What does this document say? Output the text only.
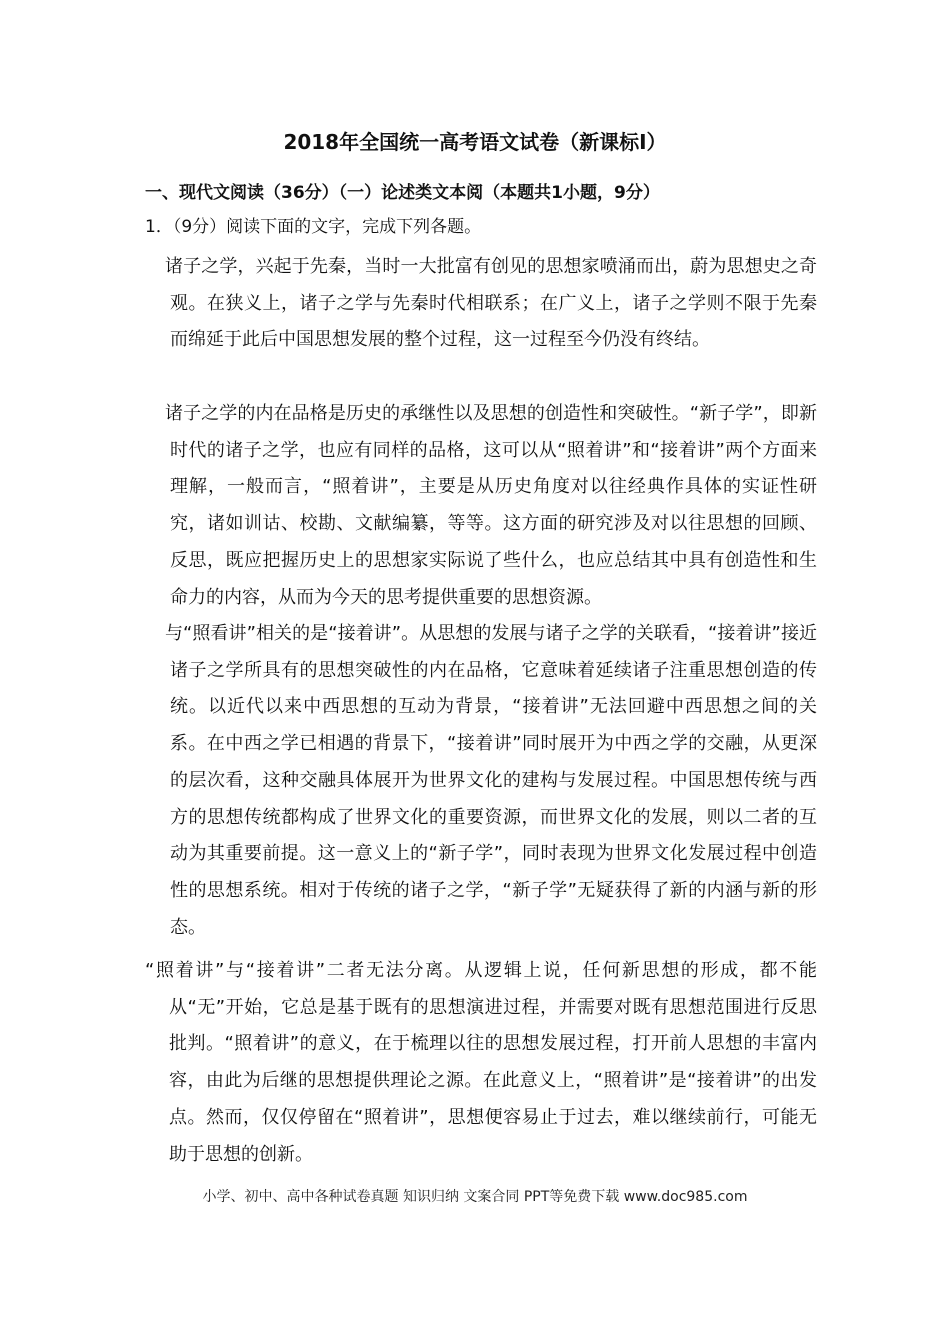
2018年全国统一高考语文试卷（新课标I）
一、现代文阅读（36分）（一）论述类文本阅（本题共1小题，9分）
1．（9分）阅读下面的文字，完成下列各题。
诸子之学，兴起于先秦，当时一大批富有创见的思想家喷涌而出，蔚为思想史之奇观。在狭义上，诸子之学与先秦时代相联系；在广义上，诸子之学则不限于先秦而绵延于此后中国思想发展的整个过程，这一过程至今仍没有终结。
诸子之学的内在品格是历史的承继性以及思想的创造性和突破性。“新子学”，即新时代的诸子之学，也应有同样的品格，这可以从“照着讲”和“接着讲”两个方面来理解，一般而言，“照着讲”，主要是从历史角度对以往经典作具体的实证性研究，诸如训诂、校勘、文献编纂，等等。这方面的研究涉及对以往思想的回顾、反思，既应把握历史上的思想家实际说了些什么，也应总结其中具有创造性和生命力的内容，从而为今天的思考提供重要的思想资源。
与“照看讲”相关的是“接着讲”。从思想的发展与诸子之学的关联看，“接着讲”接近诸子之学所具有的思想突破性的内在品格，它意味着延续诸子注重思想创造的传统。以近代以来中西思想的互动为背景，“接着讲”无法回避中西思想之间的关系。在中西之学已相遇的背景下，“接着讲”同时展开为中西之学的交融，从更深的层次看，这种交融具体展开为世界文化的建构与发展过程。中国思想传统与西方的思想传统都构成了世界文化的重要资源，而世界文化的发展，则以二者的互动为其重要前提。这一意义上的“新子学”，同时表现为世界文化发展过程中创造性的思想系统。相对于传统的诸子之学，“新子学”无疑获得了新的内涵与新的形态。
“照着讲”与“接着讲”二者无法分离。从逻辑上说，任何新思想的形成，都不能从“无”开始，它总是基于既有的思想演进过程，并需要对既有思想范围进行反思批判。“照着讲”的意义，在于梳理以往的思想发展过程，打开前人思想的丰富内容，由此为后继的思想提供理论之源。在此意义上，“照着讲”是“接着讲”的出发点。然而，仅仅停留在“照着讲”，思想便容易止于过去，难以继续前行，可能无助于思想的创新。
小学、初中、高中各种试卷真题 知识归纳 文案合同 PPT等免费下载 www.doc985.com
